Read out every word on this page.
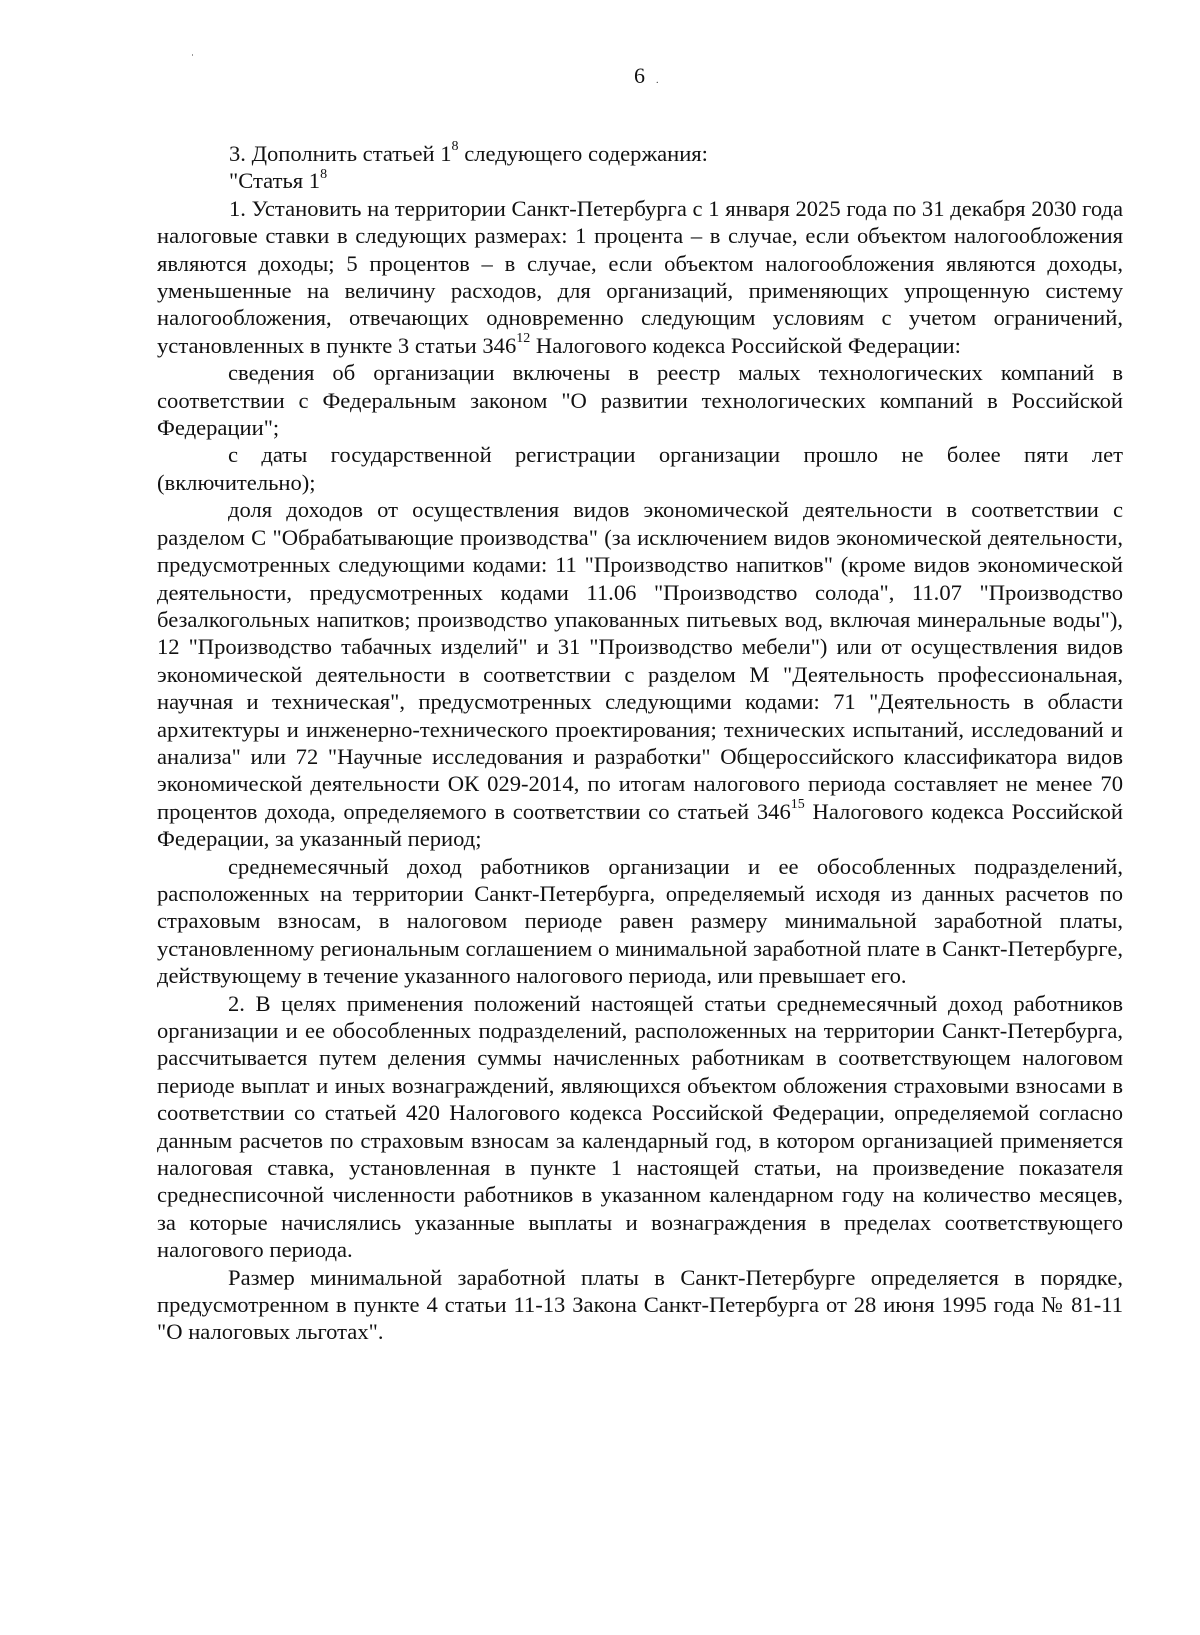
6 .

3. Дополнить статьей $1^8$ следующего содержания:

"Статья $1^8$

1. Установить на территории Санкт-Петербурга с 1 января 2025 года по 31 декабря 2030 года налоговые ставки в следующих размерах: 1 процента – в случае, если объектом налогообложения являются доходы; 5 процентов – в случае, если объектом налогообложения являются доходы, уменьшенные на величину расходов, для организаций, применяющих упрощенную систему налогообложения, отвечающих одновременно следующим условиям с учетом ограничений, установленных в пункте 3 статьи $346^{12}$ Налогового кодекса Российской Федерации:

сведения об организации включены в реестр малых технологических компаний в соответствии с Федеральным законом "О развитии технологических компаний в Российской Федерации";

с даты государственной регистрации организации прошло не более пяти лет (включительно);

доля доходов от осуществления видов экономической деятельности в соответствии с разделом С "Обрабатывающие производства" (за исключением видов экономической деятельности, предусмотренных следующими кодами: 11 "Производство напитков" (кроме видов экономической деятельности, предусмотренных кодами 11.06 "Производство солода", 11.07 "Производство безалкогольных напитков; производство упакованных питьевых вод, включая минеральные воды"), 12 "Производство табачных изделий" и 31 "Производство мебели") или от осуществления видов экономической деятельности в соответствии с разделом М "Деятельность профессиональная, научная и техническая", предусмотренных следующими кодами: 71 "Деятельность в области архитектуры и инженерно-технического проектирования; технических испытаний, исследований и анализа" или 72 "Научные исследования и разработки" Общероссийского классификатора видов экономической деятельности ОК 029-2014, по итогам налогового периода составляет не менее 70 процентов дохода, определяемого в соответствии со статьей $346^{15}$ Налогового кодекса Российской Федерации, за указанный период;

среднемесячный доход работников организации и ее обособленных подразделений, расположенных на территории Санкт-Петербурга, определяемый исходя из данных расчетов по страховым взносам, в налоговом периоде равен размеру минимальной заработной платы, установленному региональным соглашением о минимальной заработной плате в Санкт-Петербурге, действующему в течение указанного налогового периода, или превышает его.

2. В целях применения положений настоящей статьи среднемесячный доход работников организации и ее обособленных подразделений, расположенных на территории Санкт-Петербурга, рассчитывается путем деления суммы начисленных работникам в соответствующем налоговом периоде выплат и иных вознаграждений, являющихся объектом обложения страховыми взносами в соответствии со статьей 420 Налогового кодекса Российской Федерации, определяемой согласно данным расчетов по страховым взносам за календарный год, в котором организацией применяется налоговая ставка, установленная в пункте 1 настоящей статьи, на произведение показателя среднесписочной численности работников в указанном календарном году на количество месяцев, за которые начислялись указанные выплаты и вознаграждения в пределах соответствующего налогового периода.

Размер минимальной заработной платы в Санкт-Петербурге определяется в порядке, предусмотренном в пункте 4 статьи 11-13 Закона Санкт-Петербурга от 28 июня 1995 года № 81-11 "О налоговых льготах".
